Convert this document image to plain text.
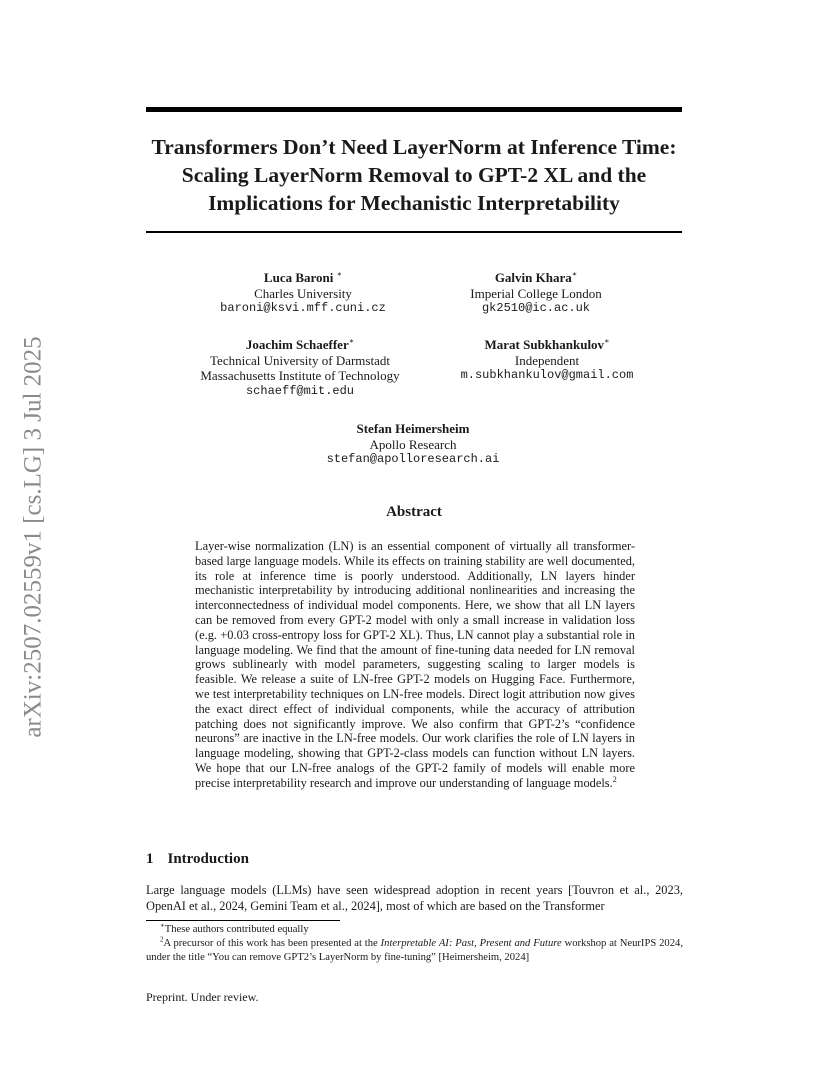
arXiv:2507.02559v1 [cs.LG] 3 Jul 2025
Transformers Don’t Need LayerNorm at Inference Time: Scaling LayerNorm Removal to GPT-2 XL and the Implications for Mechanistic Interpretability
Luca Baroni ∗
Charles University
baroni@ksvi.mff.cuni.cz
Galvin Khara∗
Imperial College London
gk2510@ic.ac.uk
Joachim Schaeffer∗
Technical University of Darmstadt
Massachusetts Institute of Technology
schaeff@mit.edu
Marat Subkhankulov∗
Independent
m.subkhankulov@gmail.com
Stefan Heimersheim
Apollo Research
stefan@apolloresearch.ai
Abstract

Layer-wise normalization (LN) is an essential component of virtually all transformer-based large language models. While its effects on training stability are well documented, its role at inference time is poorly understood. Additionally, LN layers hinder mechanistic interpretability by introducing additional nonlinearities and increasing the interconnectedness of individual model components. Here, we show that all LN layers can be removed from every GPT-2 model with only a small increase in validation loss (e.g. +0.03 cross-entropy loss for GPT-2 XL). Thus, LN cannot play a substantial role in language modeling. We find that the amount of fine-tuning data needed for LN removal grows sublinearly with model parameters, suggesting scaling to larger models is feasible. We release a suite of LN-free GPT-2 models on Hugging Face. Furthermore, we test interpretability techniques on LN-free models. Direct logit attribution now gives the exact direct effect of individual components, while the accuracy of attribution patching does not significantly improve. We also confirm that GPT-2’s “confidence neurons” are inactive in the LN-free models. Our work clarifies the role of LN layers in language modeling, showing that GPT-2-class models can function without LN layers. We hope that our LN-free analogs of the GPT-2 family of models will enable more precise interpretability research and improve our understanding of language models.$^2$

1 Introduction

Large language models (LLMs) have seen widespread adoption in recent years [Touvron et al., 2023, OpenAI et al., 2024, Gemini Team et al., 2024], most of which are based on the Transformer

∗These authors contributed equally

$^2$A precursor of this work has been presented at the Interpretable AI: Past, Present and Future workshop at NeurIPS 2024, under the title “You can remove GPT2’s LayerNorm by fine-tuning” [Heimersheim, 2024]

Preprint. Under review.
